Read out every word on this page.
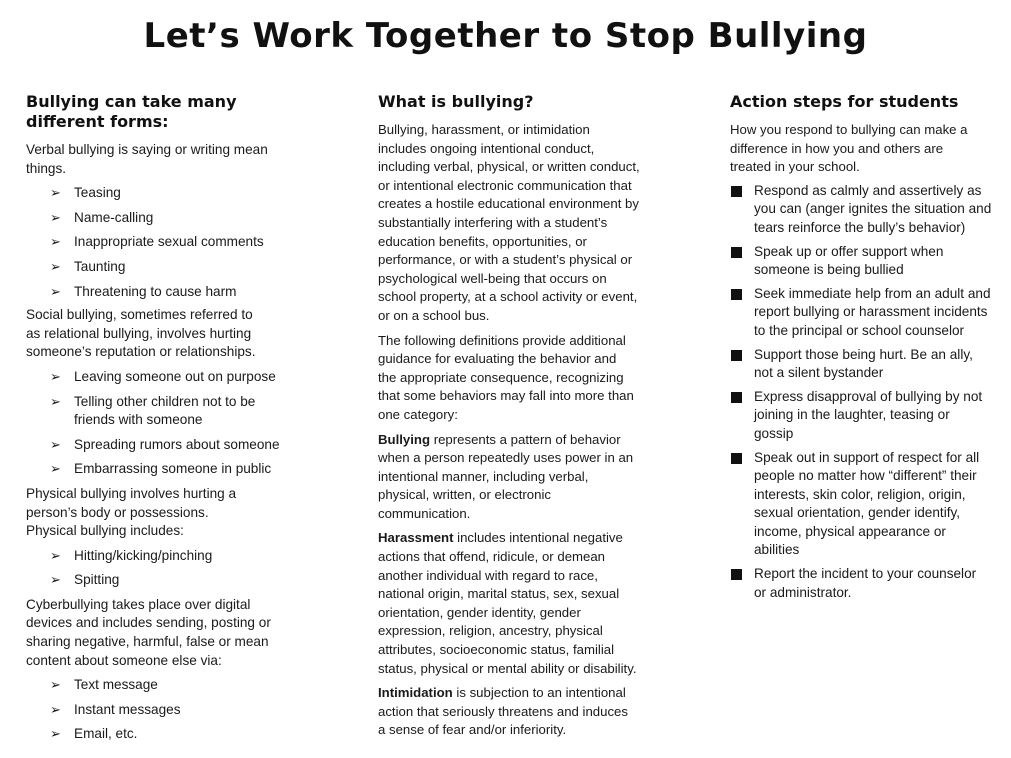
Let’s Work Together to Stop Bullying
Bullying can take many different forms:

Verbal bullying is saying or writing mean things.

➢ Teasing
➢ Name-calling
➢ Inappropriate sexual comments
➢ Taunting
➢ Threatening to cause harm

Social bullying, sometimes referred to as relational bullying, involves hurting someone’s reputation or relationships.

➢ Leaving someone out on purpose
➢ Telling other children not to be friends with someone
➢ Spreading rumors about someone
➢ Embarrassing someone in public

Physical bullying involves hurting a person’s body or possessions. Physical bullying includes:

➢ Hitting/kicking/pinching
➢ Spitting

Cyberbullying takes place over digital devices and includes sending, posting or sharing negative, harmful, false or mean content about someone else via:

➢ Text message
➢ Instant messages
➢ Email, etc.
What is bullying?

Bullying, harassment, or intimidation includes ongoing intentional conduct, including verbal, physical, or written conduct, or intentional electronic communication that creates a hostile educational environment by substantially interfering with a student’s education benefits, opportunities, or performance, or with a student’s physical or psychological well-being that occurs on school property, at a school activity or event, or on a school bus.

The following definitions provide additional guidance for evaluating the behavior and the appropriate consequence, recognizing that some behaviors may fall into more than one category:

Bullying represents a pattern of behavior when a person repeatedly uses power in an intentional manner, including verbal, physical, written, or electronic communication.

Harassment includes intentional negative actions that offend, ridicule, or demean another individual with regard to race, national origin, marital status, sex, sexual orientation, gender identity, gender expression, religion, ancestry, physical attributes, socioeconomic status, familial status, physical or mental ability or disability.

Intimidation is subjection to an intentional action that seriously threatens and induces a sense of fear and/or inferiority.

Action steps for students

How you respond to bullying can make a difference in how you and others are treated in your school.

Respond as calmly and assertively as you can (anger ignites the situation and tears reinforce the bully’s behavior)
Speak up or offer support when someone is being bullied
Seek immediate help from an adult and report bullying or harassment incidents to the principal or school counselor
Support those being hurt. Be an ally, not a silent bystander
Express disapproval of bullying by not joining in the laughter, teasing or gossip
Speak out in support of respect for all people no matter how “different” their interests, skin color, religion, origin, sexual orientation, gender identify, income, physical appearance or abilities
Report the incident to your counselor or administrator.
